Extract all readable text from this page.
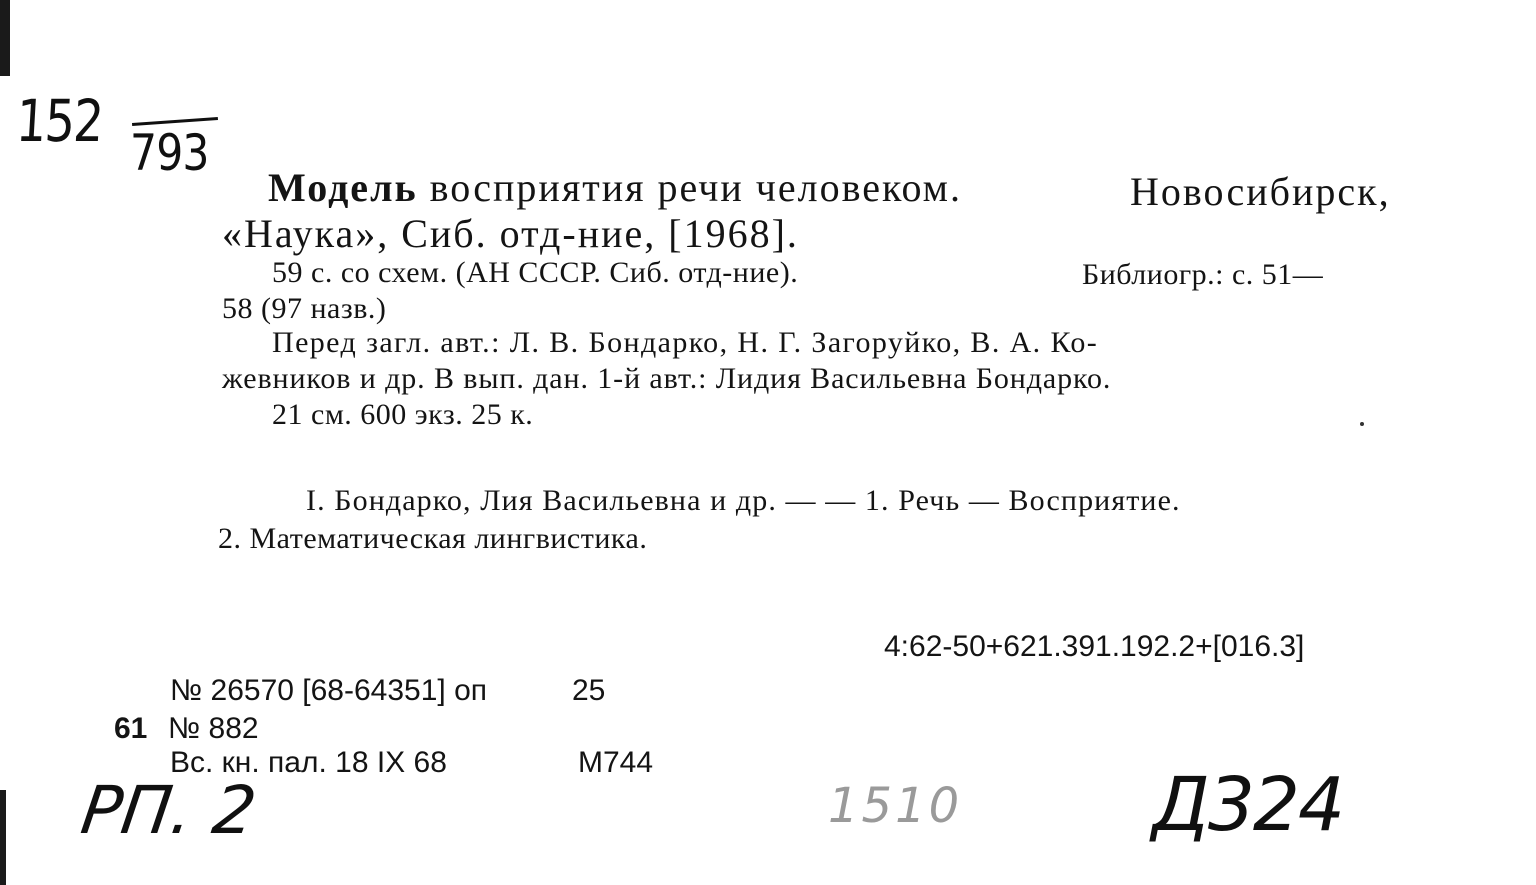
152 793
Модель восприятия речи человеком.	Новосибирск,
«Наука», Сиб. отд-ние, [1968].
59 с. со схем. (АН СССР. Сиб. отд-ние).	Библиогр.: с. 51—
58 (97 назв.)
Перед загл. авт.: Л. В. Бондарко, Н. Г. Загоруйко, В. А. Ко-
жевников и др. В вып. дан. 1-й авт.: Лидия Васильевна Бондарко.
21 см. 600 экз. 25 к.
I. Бондарко, Лия Васильевна и др. — — 1. Речь — Восприятие.
2. Математическая лингвистика.
4:62-50+621.391.192.2+[016.3]
№ 26570 [68-64351] оп	25
61 № 882
Вс. кн. пал. 18 IX 68	М744
РП. 2	1510	Д324
